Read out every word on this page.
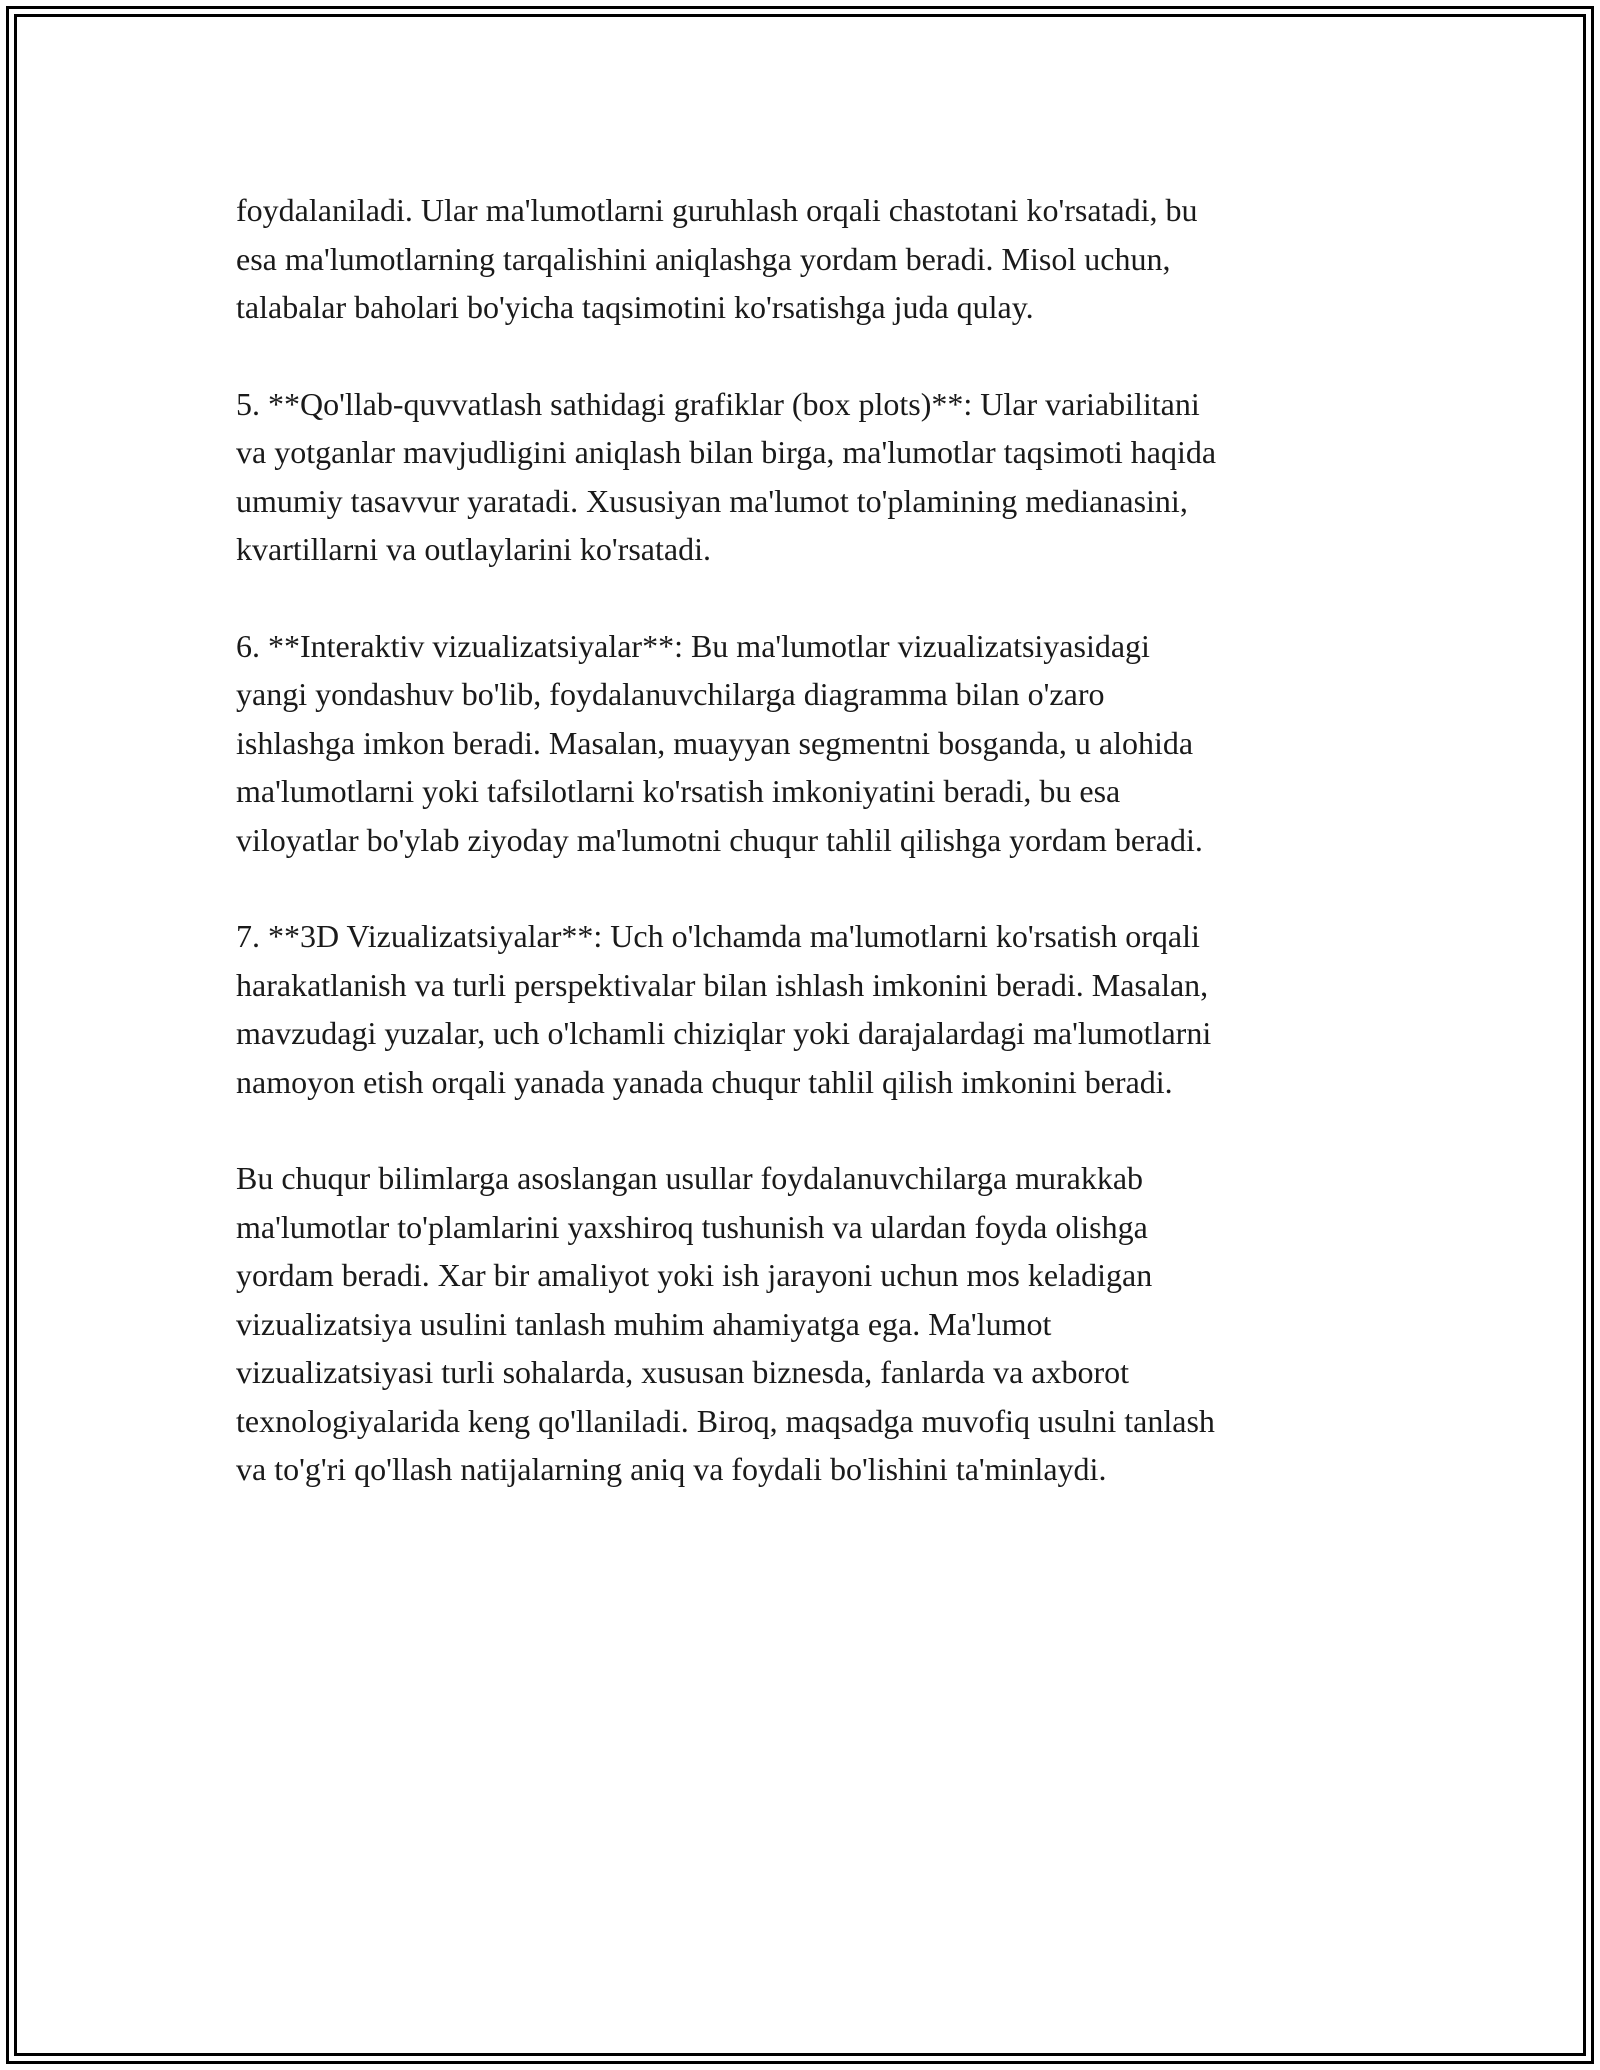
foydalaniladi. Ular ma'lumotlarni guruhlash orqali chastotani ko'rsatadi, bu
esa ma'lumotlarning tarqalishini aniqlashga yordam beradi. Misol uchun,
talabalar baholari bo'yicha taqsimotini ko'rsatishga juda qulay.

5. **Qo'llab-quvvatlash sathidagi grafiklar (box plots)**: Ular variabilitani
va yotganlar mavjudligini aniqlash bilan birga, ma'lumotlar taqsimoti haqida
umumiy tasavvur yaratadi. Xususiyan ma'lumot to'plamining medianasini,
kvartillarni va outlaylarini ko'rsatadi.

6. **Interaktiv vizualizatsiyalar**: Bu ma'lumotlar vizualizatsiyasidagi
yangi yondashuv bo'lib, foydalanuvchilarga diagramma bilan o'zaro
ishlashga imkon beradi. Masalan, muayyan segmentni bosganda, u alohida
ma'lumotlarni yoki tafsilotlarni ko'rsatish imkoniyatini beradi, bu esa
viloyatlar bo'ylab ziyoday ma'lumotni chuqur tahlil qilishga yordam beradi.

7. **3D Vizualizatsiyalar**: Uch o'lchamda ma'lumotlarni ko'rsatish orqali
harakatlanish va turli perspektivalar bilan ishlash imkonini beradi. Masalan,
mavzudagi yuzalar, uch o'lchamli chiziqlar yoki darajalardagi ma'lumotlarni
namoyon etish orqali yanada yanada chuqur tahlil qilish imkonini beradi.

Bu chuqur bilimlarga asoslangan usullar foydalanuvchilarga murakkab
ma'lumotlar to'plamlarini yaxshiroq tushunish va ulardan foyda olishga
yordam beradi. Xar bir amaliyot yoki ish jarayoni uchun mos keladigan
vizualizatsiya usulini tanlash muhim ahamiyatga ega. Ma'lumot
vizualizatsiyasi turli sohalarda, xususan biznesda, fanlarda va axborot
texnologiyalarida keng qo'llaniladi. Biroq, maqsadga muvofiq usulni tanlash
va to'g'ri qo'llash natijalarning aniq va foydali bo'lishini ta'minlaydi.
